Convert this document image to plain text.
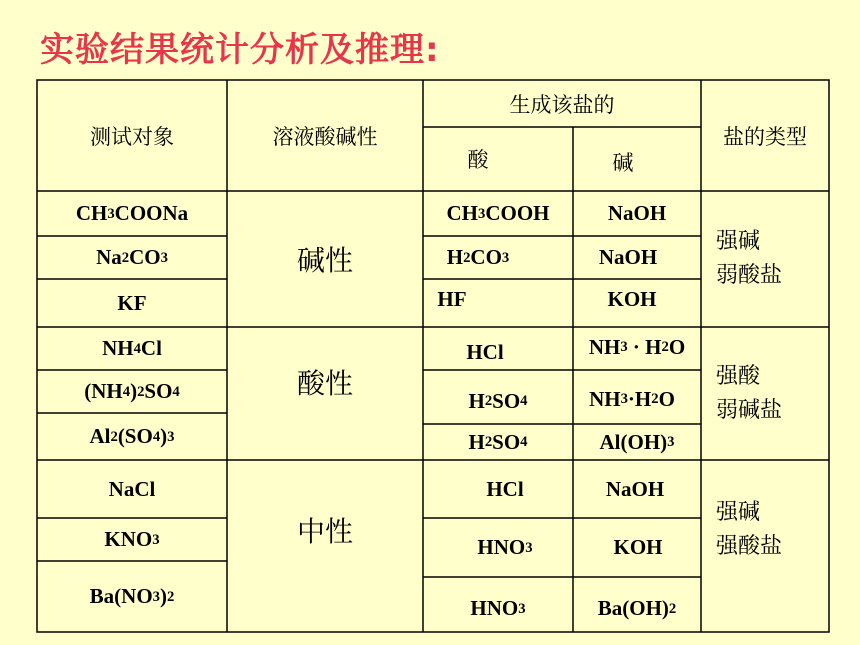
实验结果统计分析及推理:
测试对象	溶液酸碱性
生成该盐的
酸	碱
盐的类型
CH 3 COONa
Na 2 CO 3
KF
碱性
CH 3 COOH
H 2 CO 3
HF
NaOH
NaOH
KOH
强碱
弱酸盐
NH 4 Cl
(NH 4 ) 2 SO 4
Al 2 (SO 4 ) 3
酸性
HCl
H 2 SO 4
H 2 SO 4
NH 3 · H 2 O
NH 3 ·H 2 O
Al(OH) 3
强酸
弱碱盐
NaCl
KNO 3
Ba(NO 3 ) 2
中性
HCl
HNO 3
HNO 3
NaOH
KOH
Ba(OH) 2
强碱
强酸盐
